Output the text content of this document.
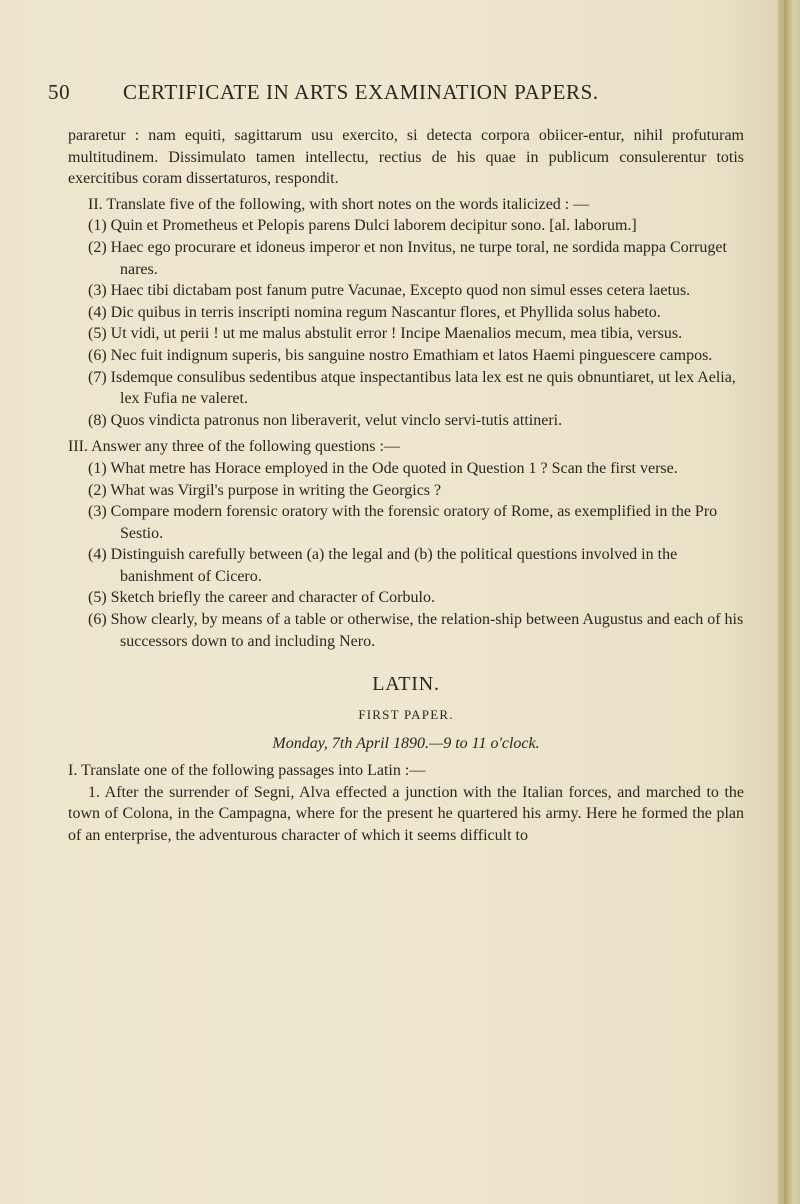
50	CERTIFICATE IN ARTS EXAMINATION PAPERS.
pararetur : nam equiti, sagittarum usu exercito, si detecta corpora obiicer-entur, nihil profuturam multitudinem. Dissimulato tamen intellectu, rectius de his quae in publicum consulerentur totis exercitibus coram dissertaturos, respondit.
II. Translate five of the following, with short notes on the words italicized : —
(1) Quin et Prometheus et Pelopis parens Dulci laborem decipitur sono. [al. laborum.]
(2) Haec ego procurare et idoneus imperor et non Invitus, ne turpe toral, ne sordida mappa Corruget nares.
(3) Haec tibi dictabam post fanum putre Vacunae, Excepto quod non simul esses cetera laetus.
(4) Dic quibus in terris inscripti nomina regum Nascantur flores, et Phyllida solus habeto.
(5) Ut vidi, ut perii ! ut me malus abstulit error ! Incipe Maenalios mecum, mea tibia, versus.
(6) Nec fuit indignum superis, bis sanguine nostro Emathiam et latos Haemi pinguescere campos.
(7) Isdemque consulibus sedentibus atque inspectantibus lata lex est ne quis obnuntiaret, ut lex Aelia, lex Fufia ne valeret.
(8) Quos vindicta patronus non liberaverit, velut vinclo servi-tutis attineri.
III. Answer any three of the following questions :—
(1) What metre has Horace employed in the Ode quoted in Question 1 ? Scan the first verse.
(2) What was Virgil's purpose in writing the Georgics ?
(3) Compare modern forensic oratory with the forensic oratory of Rome, as exemplified in the Pro Sestio.
(4) Distinguish carefully between (a) the legal and (b) the political questions involved in the banishment of Cicero.
(5) Sketch briefly the career and character of Corbulo.
(6) Show clearly, by means of a table or otherwise, the relation-ship between Augustus and each of his successors down to and including Nero.
LATIN.
FIRST PAPER.
Monday, 7th April 1890.—9 to 11 o'clock.
I. Translate one of the following passages into Latin :—
1. After the surrender of Segni, Alva effected a junction with the Italian forces, and marched to the town of Colona, in the Campagna, where for the present he quartered his army. Here he formed the plan of an enterprise, the adventurous character of which it seems difficult to
